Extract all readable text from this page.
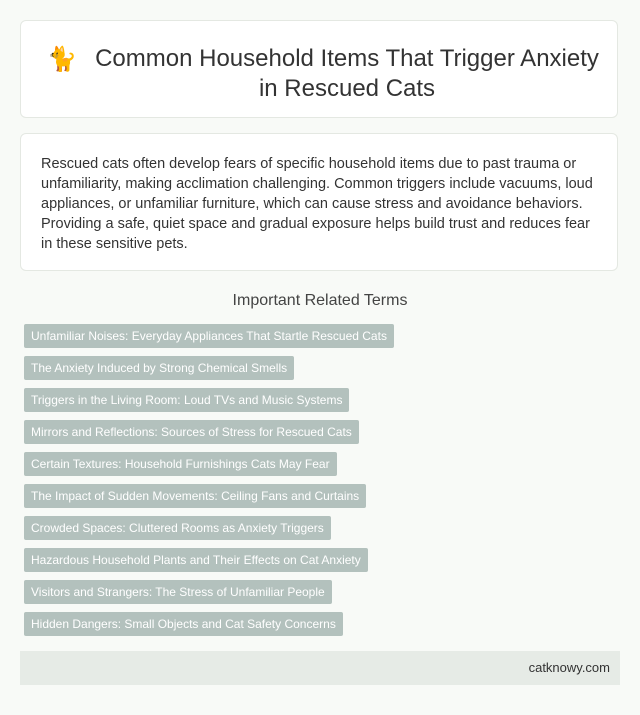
🐈 Common Household Items That Trigger Anxiety in Rescued Cats

Rescued cats often develop fears of specific household items due to past trauma or unfamiliarity, making acclimation challenging. Common triggers include vacuums, loud appliances, or unfamiliar furniture, which can cause stress and avoidance behaviors. Providing a safe, quiet space and gradual exposure helps build trust and reduces fear in these sensitive pets.

Important Related Terms
Unfamiliar Noises: Everyday Appliances That Startle Rescued Cats
The Anxiety Induced by Strong Chemical Smells
Triggers in the Living Room: Loud TVs and Music Systems
Mirrors and Reflections: Sources of Stress for Rescued Cats
Certain Textures: Household Furnishings Cats May Fear
The Impact of Sudden Movements: Ceiling Fans and Curtains
Crowded Spaces: Cluttered Rooms as Anxiety Triggers
Hazardous Household Plants and Their Effects on Cat Anxiety
Visitors and Strangers: The Stress of Unfamiliar People
Hidden Dangers: Small Objects and Cat Safety Concerns
catknowy.com
